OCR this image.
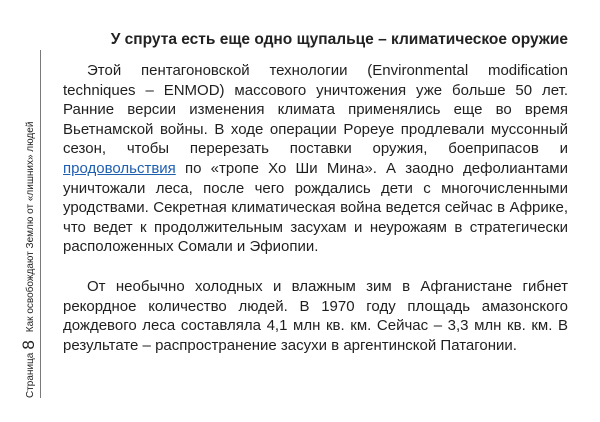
Страница
8
Как освобождают Землю от «лишних» людей

У спрута есть еще одно щупальце – климатическое оружие

Этой пентагоновской технологии (Environmental modification techniques – ENMOD) массового уничтожения уже больше 50 лет. Ранние версии изменения климата применялись еще во время Вьетнамской войны. В ходе операции Popeye продлевали муссонный сезон, чтобы перерезать поставки оружия, боеприпасов и продовольствия по «тропе Хо Ши Мина». А заодно дефолиантами уничтожали леса, после чего рождались дети с многочисленными уродствами. Секретная климатическая война ведется сейчас в Африке, что ведет к продолжительным засухам и неурожаям в стратегически расположенных Сомали и Эфиопии.

От необычно холодных и влажным зим в Афганистане гибнет рекордное количество людей. В 1970 году площадь амазонского дождевого леса составляла 4,1 млн кв. км. Сейчас – 3,3 млн кв. км. В результате – распространение засухи в аргентинской Патагонии.
